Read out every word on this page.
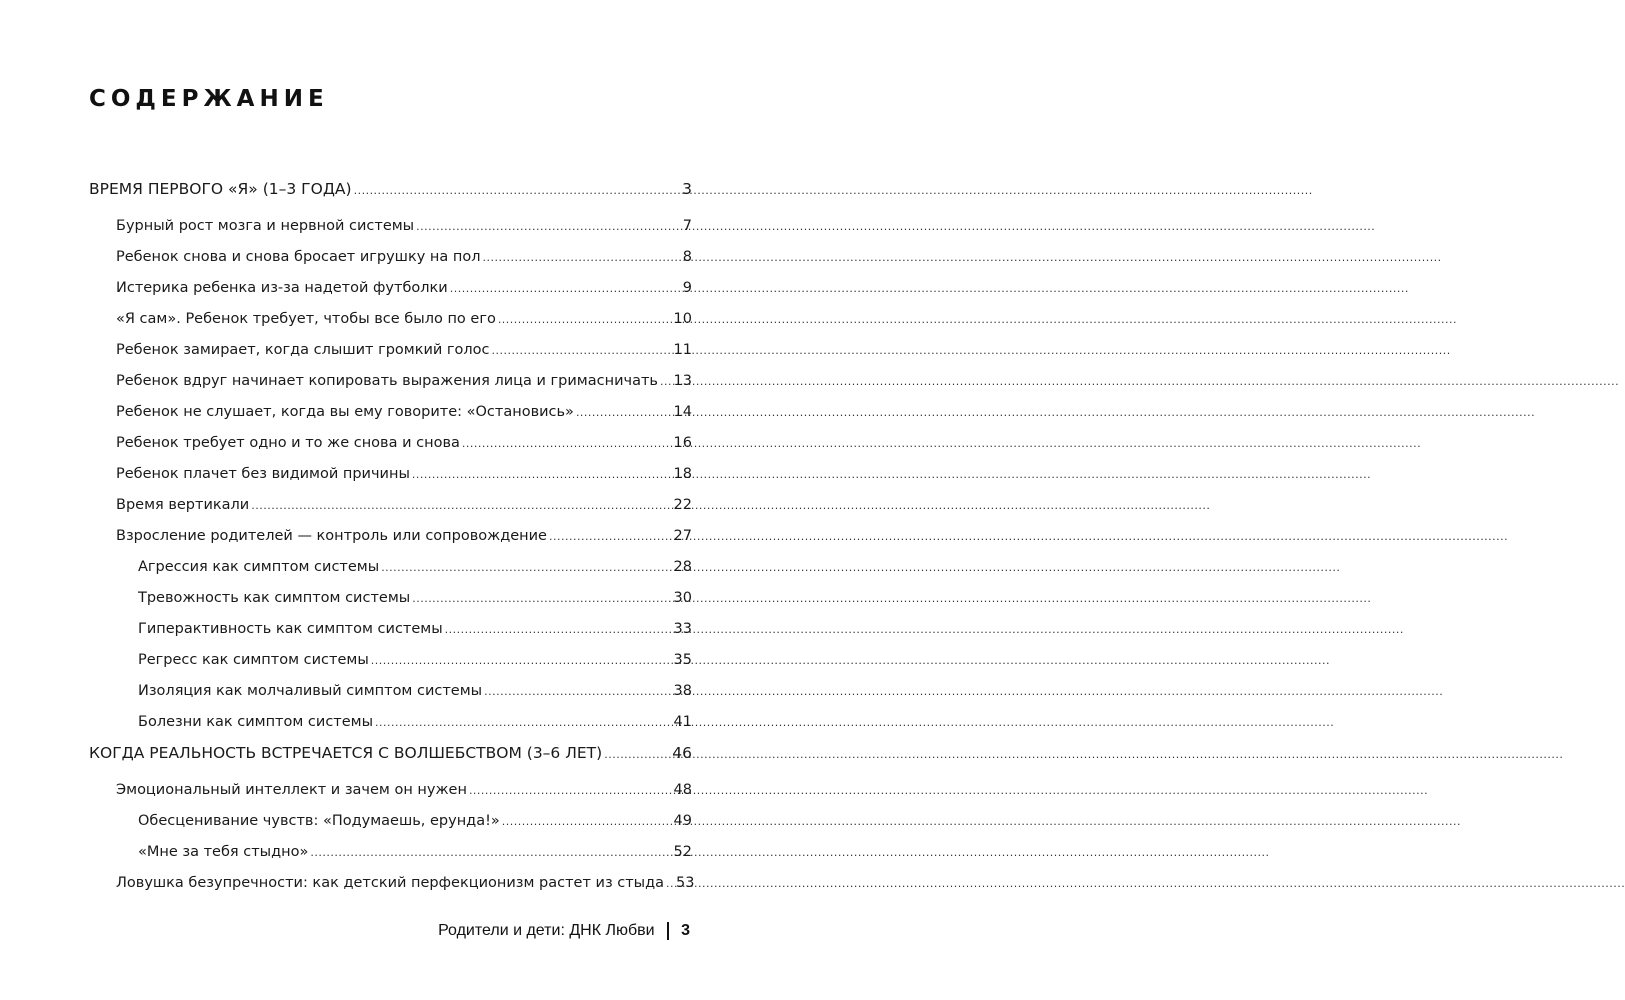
СОДЕРЖАНИЕ
ВРЕМЯ ПЕРВОГО «Я» (1–3 ГОДА) .....	3
Бурный рост мозга и нервной системы .....	7
Ребенок снова и снова бросает игрушку на пол .....	8
Истерика ребенка из-за надетой футболки .....	9
«Я сам». Ребенок требует, чтобы все было по его .....	10
Ребенок замирает, когда слышит громкий голос .....	11
Ребенок вдруг начинает копировать выражения лица и гримасничать ..... 13
Ребенок не слушает, когда вы ему говорите: «Остановись» .....	14
Ребенок требует одно и то же снова и снова .....	16
Ребенок плачет без видимой причины .....	18
Время вертикали .....	22
Взросление родителей — контроль или сопровождение .....	27
Агрессия как симптом системы .....	28
Тревожность как симптом системы .....	30
Гиперактивность как симптом системы .....	33
Регресс как симптом системы .....	35
Изоляция как молчаливый симптом системы .....	38
Болезни как симптом системы .....	41
КОГДА РЕАЛЬНОСТЬ ВСТРЕЧАЕТСЯ С ВОЛШЕБСТВОМ (3–6 ЛЕТ) .....	46
Эмоциональный интеллект и зачем он нужен .....	48
Обесценивание чувств: «Подумаешь, ерунда!» .....	49
«Мне за тебя стыдно» .....	52
Ловушка безупречности: как детский перфекционизм растет из стыда ..... 53
Родители и дети: ДНК Любви 3
